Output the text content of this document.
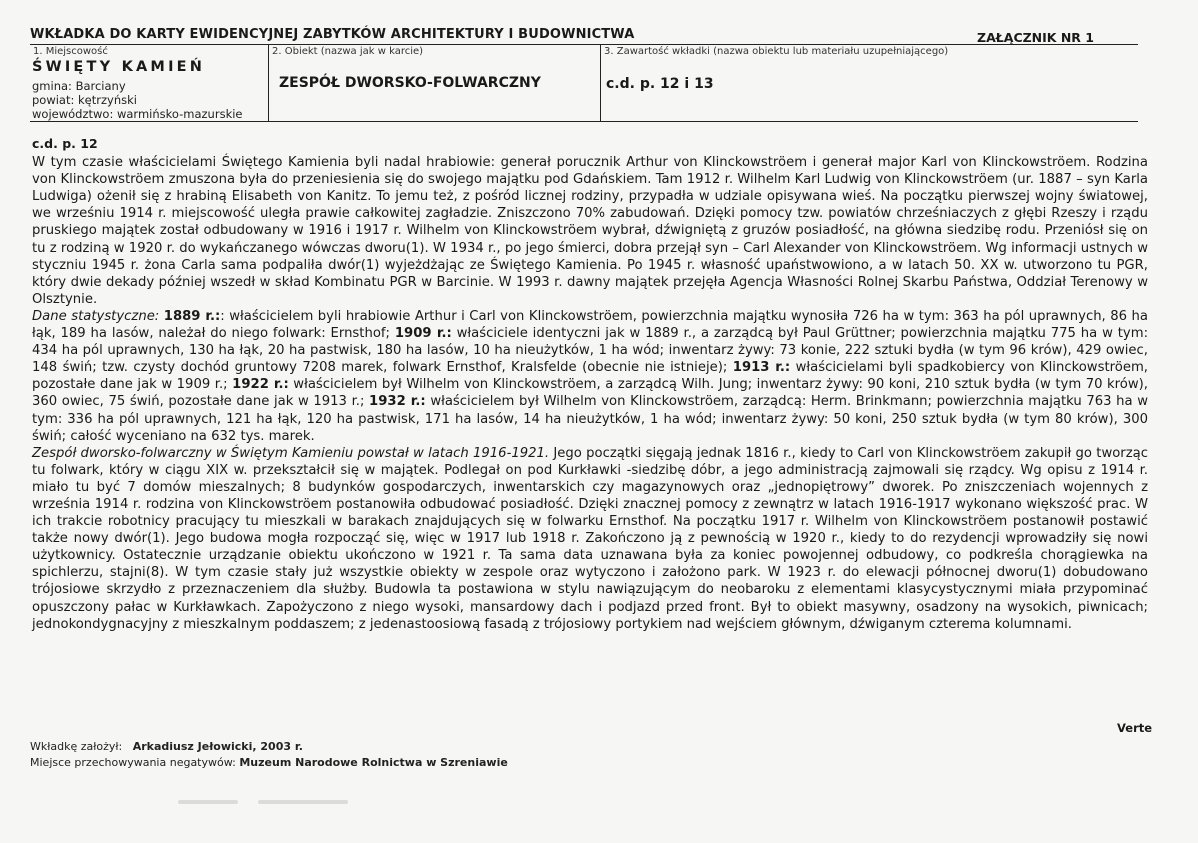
WKŁADKA DO KARTY EWIDENCYJNEJ ZABYTKÓW ARCHITEKTURY I BUDOWNICTWA	ZAŁĄCZNIK NR 1
1. Miejscowość
ŚWIĘTY KAMIEŃ
gmina: Barciany
powiat: kętrzyński
województwo: warmińsko-mazurskie
2. Obiekt (nazwa jak w karcie)
ZESPÓŁ DWORSKO-FOLWARCZNY
3. Zawartość wkładki (nazwa obiektu lub materiału uzupełniającego)
c.d. p. 12 i 13

c.d. p. 12

W tym czasie właścicielami Świętego Kamienia byli nadal hrabiowie: generał porucznik Arthur von Klinckowströem i generał major Karl von Klinckowströem. Rodzina von Klinckowströem zmuszona była do przeniesienia się do swojego majątku pod Gdańskiem. Tam 1912 r. Wilhelm Karl Ludwig von Klinckowströem (ur. 1887 – syn Karla Ludwiga) ożenił się z hrabiną Elisabeth von Kanitz. To jemu też, z pośród licznej rodziny, przypadła w udziale opisywana wieś. Na początku pierwszej wojny światowej, we wrześniu 1914 r. miejscowość uległa prawie całkowitej zagładzie. Zniszczono 70% zabudowań. Dzięki pomocy tzw. powiatów chrześniaczych z głębi Rzeszy i rządu pruskiego majątek został odbudowany w 1916 i 1917 r. Wilhelm von Klinckowströem wybrał, dźwigniętą z gruzów posiadłość, na główna siedzibę rodu. Przeniósł się on tu z rodziną w 1920 r. do wykańczanego wówczas dworu(1). W 1934 r., po jego śmierci, dobra przejął syn – Carl Alexander von Klinckowströem. Wg informacji ustnych w styczniu 1945 r. żona Carla sama podpaliła dwór(1) wyjeżdżając ze Świętego Kamienia. Po 1945 r. własność upaństwowiono, a w latach 50. XX w. utworzono tu PGR, który dwie dekady później wszedł w skład Kombinatu PGR w Barcinie. W 1993 r. dawny majątek przejęła Agencja Własności Rolnej Skarbu Państwa, Oddział Terenowy w Olsztynie.

Dane statystyczne: 1889 r.:: właścicielem byli hrabiowie Arthur i Carl von Klinckowströem, powierzchnia majątku wynosiła 726 ha w tym: 363 ha pól uprawnych, 86 ha łąk, 189 ha lasów, należał do niego folwark: Ernsthof; 1909 r.: właściciele identyczni jak w 1889 r., a zarządcą był Paul Grüttner; powierzchnia majątku 775 ha w tym: 434 ha pól uprawnych, 130 ha łąk, 20 ha pastwisk, 180 ha lasów, 10 ha nieużytków, 1 ha wód; inwentarz żywy: 73 konie, 222 sztuki bydła (w tym 96 krów), 429 owiec, 148 świń; tzw. czysty dochód gruntowy 7208 marek, folwark Ernsthof, Kralsfelde (obecnie nie istnieje); 1913 r.: właścicielami byli spadkobiercy von Klinckowströem, pozostałe dane jak w 1909 r.; 1922 r.: właścicielem był Wilhelm von Klinckowströem, a zarządcą Wilh. Jung; inwentarz żywy: 90 koni, 210 sztuk bydła (w tym 70 krów), 360 owiec, 75 świń, pozostałe dane jak w 1913 r.; 1932 r.: właścicielem był Wilhelm von Klinckowströem, zarządcą: Herm. Brinkmann; powierzchnia majątku 763 ha w tym: 336 ha pól uprawnych, 121 ha łąk, 120 ha pastwisk, 171 ha lasów, 14 ha nieużytków, 1 ha wód; inwentarz żywy: 50 koni, 250 sztuk bydła (w tym 80 krów), 300 świń; całość wyceniano na 632 tys. marek.

Zespół dworsko-folwarczny w Świętym Kamieniu powstał w latach 1916-1921. Jego początki sięgają jednak 1816 r., kiedy to Carl von Klinckowströem zakupił go tworząc tu folwark, który w ciągu XIX w. przekształcił się w majątek. Podlegał on pod Kurkławki -siedzibę dóbr, a jego administracją zajmowali się rządcy. Wg opisu z 1914 r. miało tu być 7 domów mieszalnych; 8 budynków gospodarczych, inwentarskich czy magazynowych oraz „jednopiętrowy” dworek. Po zniszczeniach wojennych z września 1914 r. rodzina von Klinckowströem postanowiła odbudować posiadłość. Dzięki znacznej pomocy z zewnątrz w latach 1916-1917 wykonano większość prac. W ich trakcie robotnicy pracujący tu mieszkali w barakach znajdujących się w folwarku Ernsthof. Na początku 1917 r. Wilhelm von Klinckowströem postanowił postawić także nowy dwór(1). Jego budowa mogła rozpocząć się, więc w 1917 lub 1918 r. Zakończono ją z pewnością w 1920 r., kiedy to do rezydencji wprowadziły się nowi użytkownicy. Ostatecznie urządzanie obiektu ukończono w 1921 r. Ta sama data uznawana była za koniec powojennej odbudowy, co podkreśla chorągiewka na spichlerzu, stajni(8). W tym czasie stały już wszystkie obiekty w zespole oraz wytyczono i założono park. W 1923 r. do elewacji północnej dworu(1) dobudowano trójosiowe skrzydło z przeznaczeniem dla służby. Budowla ta postawiona w stylu nawiązującym do neobaroku z elementami klasycystycznymi miała przypominać opuszczony pałac w Kurkławkach. Zapożyczono z niego wysoki, mansardowy dach i podjazd przed front. Był to obiekt masywny, osadzony na wysokich, piwnicach; jednokondygnacyjny z mieszkalnym poddaszem; z jedenastoosiową fasadą z trójosiowy portykiem nad wejściem głównym, dźwiganym czterema kolumnami.

Verte
Wkładkę założył: Arkadiusz Jełowicki, 2003 r.
Miejsce przechowywania negatywów: Muzeum Narodowe Rolnictwa w Szreniawie
